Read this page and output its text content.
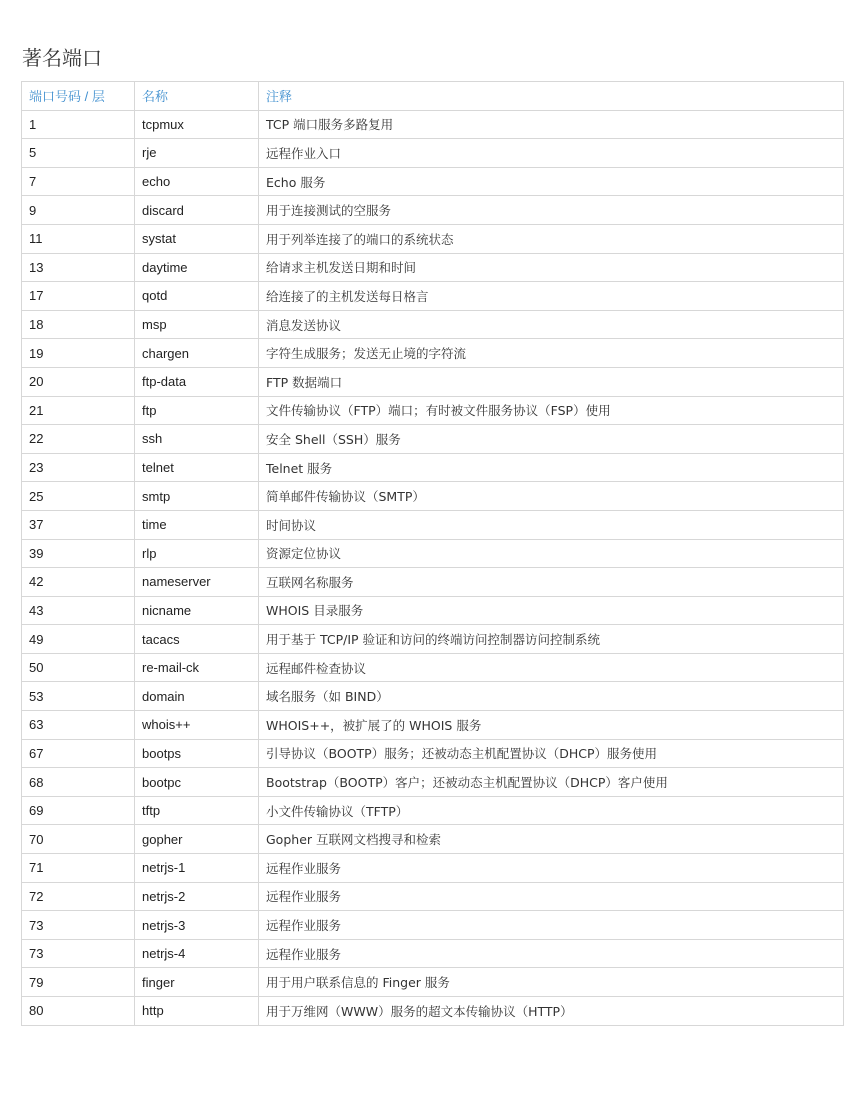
著名端口
端口号码 / 层	名称	注释
1	tcpmux	TCP 端口服务多路复用
5	rje	远程作业入口
7	echo	Echo 服务
9	discard	用于连接测试的空服务
11	systat	用于列举连接了的端口的系统状态
13	daytime	给请求主机发送日期和时间
17	qotd	给连接了的主机发送每日格言
18	msp	消息发送协议
19	chargen	字符生成服务；发送无止境的字符流
20	ftp-data	FTP 数据端口
21	ftp	文件传输协议（FTP）端口；有时被文件服务协议（FSP）使用
22	ssh	安全 Shell（SSH）服务
23	telnet	Telnet 服务
25	smtp	简单邮件传输协议（SMTP）
37	time	时间协议
39	rlp	资源定位协议
42	nameserver	互联网名称服务
43	nicname	WHOIS 目录服务
49	tacacs	用于基于 TCP/IP 验证和访问的终端访问控制器访问控制系统
50	re-mail-ck	远程邮件检查协议
53	domain	域名服务（如 BIND）
63	whois++	WHOIS++，被扩展了的 WHOIS 服务
67	bootps	引导协议（BOOTP）服务；还被动态主机配置协议（DHCP）服务使用
68	bootpc	Bootstrap（BOOTP）客户；还被动态主机配置协议（DHCP）客户使用
69	tftp	小文件传输协议（TFTP）
70	gopher	Gopher 互联网文档搜寻和检索
71	netrjs-1	远程作业服务
72	netrjs-2	远程作业服务
73	netrjs-3	远程作业服务
73	netrjs-4	远程作业服务
79	finger	用于用户联系信息的 Finger 服务
80	http	用于万维网（WWW）服务的超文本传输协议（HTTP）
